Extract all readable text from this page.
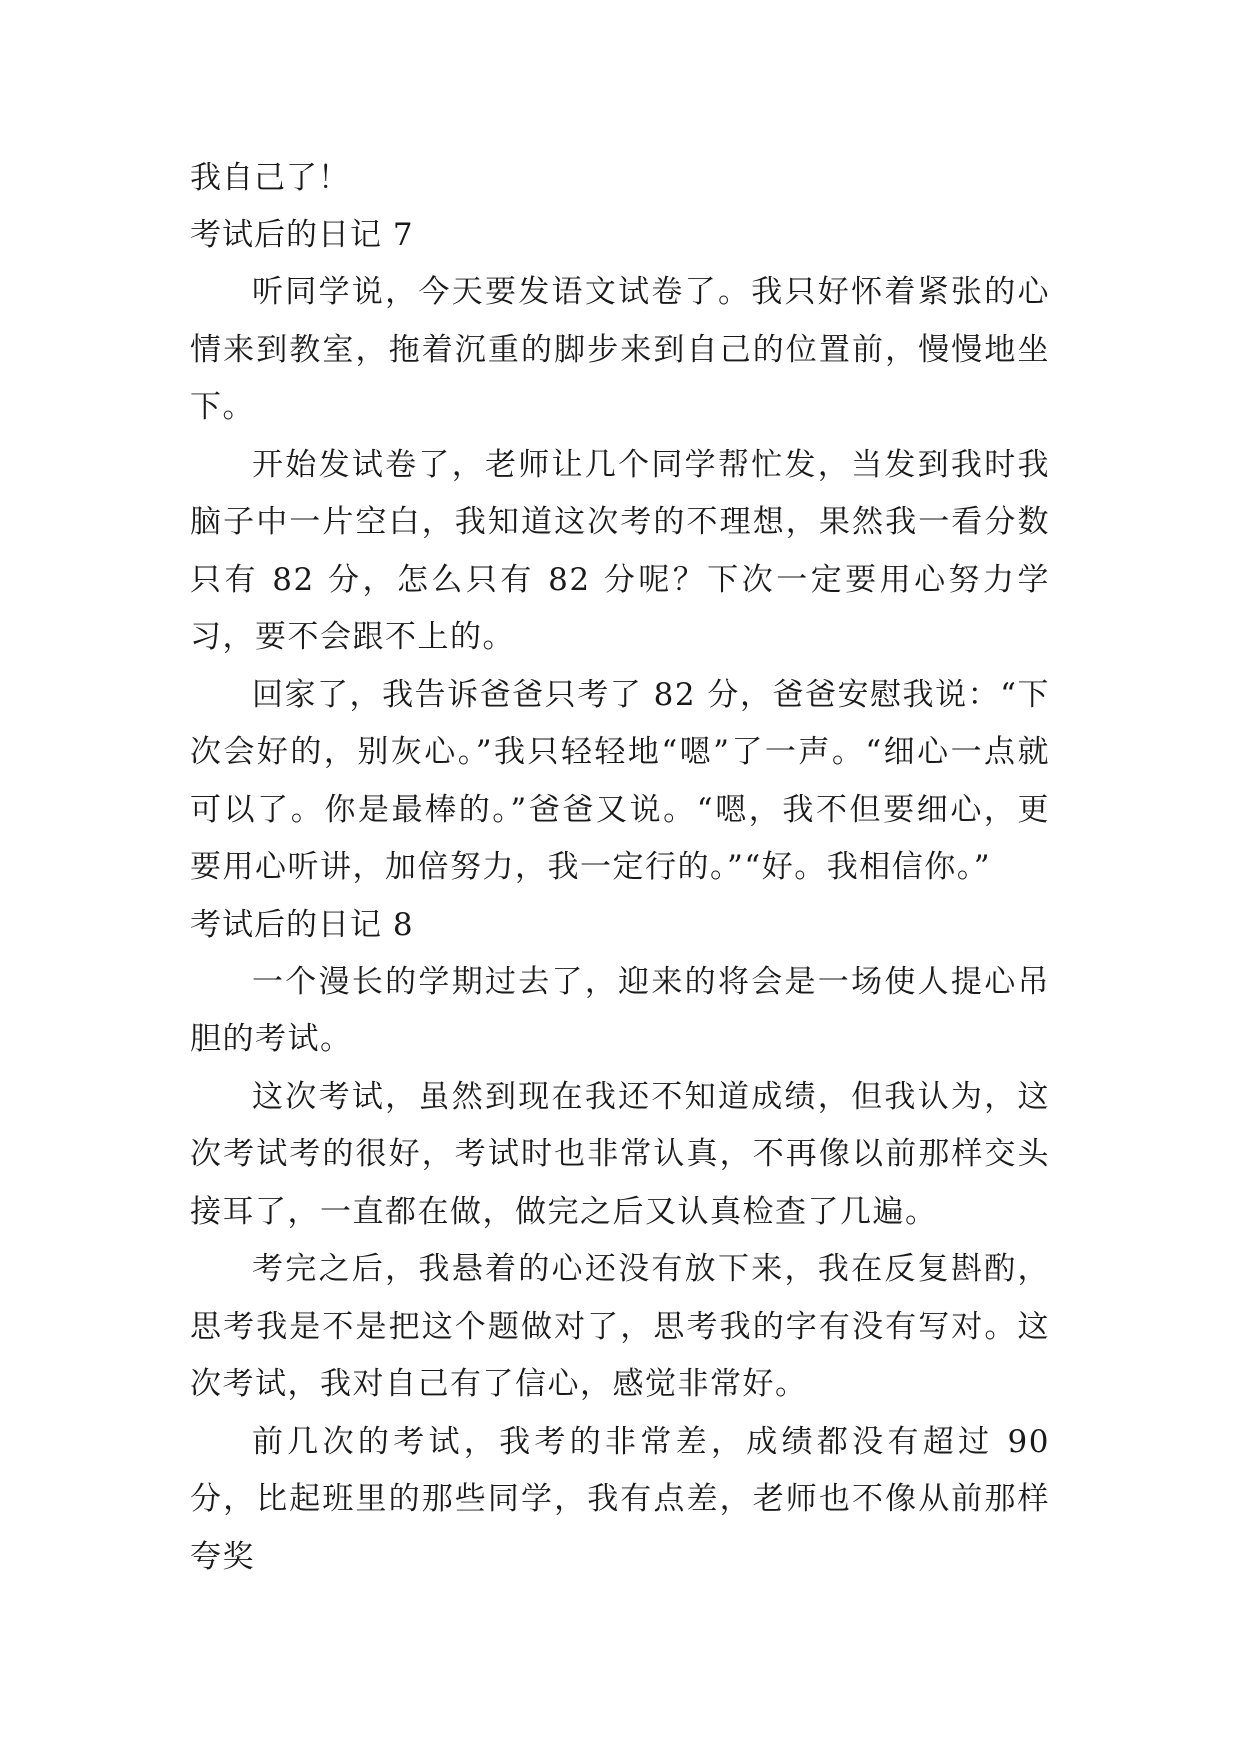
我自己了！
考试后的日记 7

听同学说，今天要发语文试卷了。我只好怀着紧张的心情来到教室，拖着沉重的脚步来到自己的位置前，慢慢地坐下。

开始发试卷了，老师让几个同学帮忙发，当发到我时我脑子中一片空白，我知道这次考的不理想，果然我一看分数只有 82 分，怎么只有 82 分呢？下次一定要用心努力学习，要不会跟不上的。

回家了，我告诉爸爸只考了 82 分，爸爸安慰我说：“下次会好的，别灰心。”我只轻轻地“嗯”了一声。“细心一点就可以了。你是最棒的。”爸爸又说。“嗯，我不但要细心，更要用心听讲，加倍努力，我一定行的。”“好。我相信你。”

考试后的日记 8

一个漫长的学期过去了，迎来的将会是一场使人提心吊胆的考试。

这次考试，虽然到现在我还不知道成绩，但我认为，这次考试考的很好，考试时也非常认真，不再像以前那样交头接耳了，一直都在做，做完之后又认真检查了几遍。

考完之后，我悬着的心还没有放下来，我在反复斟酌，思考我是不是把这个题做对了，思考我的字有没有写对。这次考试，我对自己有了信心，感觉非常好。

前几次的考试，我考的非常差，成绩都没有超过 90 分，比起班里的那些同学，我有点差，老师也不像从前那样夸奖
